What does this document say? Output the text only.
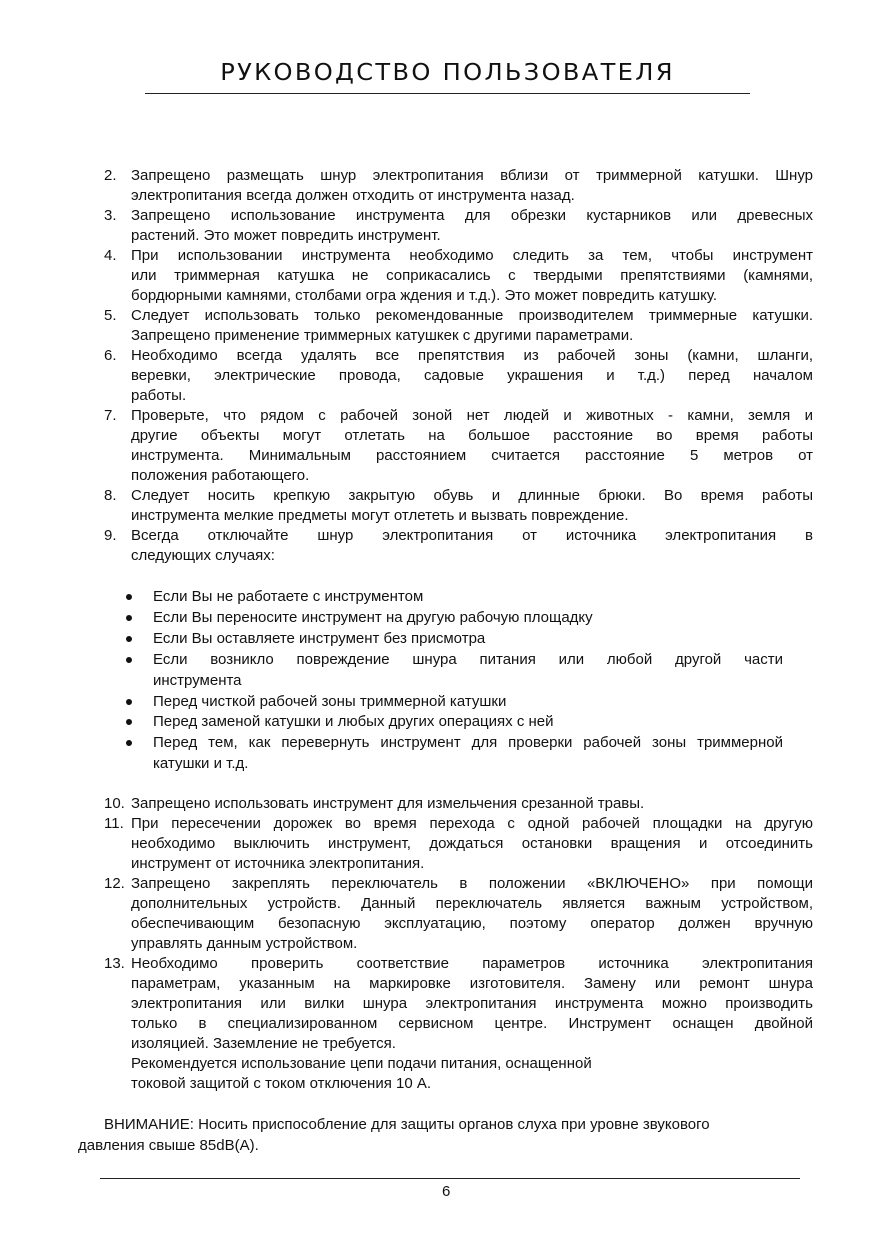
РУКОВОДСТВО ПОЛЬЗОВАТЕЛЯ
2. Запрещено размещать шнур электропитания вблизи от триммерной катушки. Шнур
электропитания всегда должен отходить от инструмента назад.
3. Запрещено использование инструмента для обрезки кустарников или древесных
растений. Это может повредить инструмент.
4. При использовании инструмента необходимо следить за тем, чтобы инструмент
или триммерная катушка не соприкасались с твердыми препятствиями (камнями,
бордюрными камнями, столбами огра ждения и т.д.). Это может повредить катушку.
5. Следует использовать только рекомендованные производителем триммерные катушки.
Запрещено применение триммерных катушкек с другими параметрами.
6. Необходимо всегда удалять все препятствия из рабочей зоны (камни, шланги,
веревки, электрические провода, садовые украшения и т.д.) перед началом
работы.
7. Проверьте, что рядом с рабочей зоной нет людей и животных - камни, земля и
другие объекты могут отлетать на большое расстояние во время работы
инструмента. Минимальным расстоянием считается расстояние 5 метров от
положения работающего.
8. Следует носить крепкую закрытую обувь и длинные брюки. Во время работы
инструмента мелкие предметы могут отлететь и вызвать повреждение.
9. Всегда отключайте шнур электропитания от источника электропитания в
следующих случаях:
Если Вы не работаете с инструментом
Если Вы переносите инструмент на другую рабочую площадку
Если Вы оставляете инструмент без присмотра
Если возникло повреждение шнура питания или любой другой части
инструмента
Перед чисткой рабочей зоны триммерной катушки
Перед заменой катушки и любых других операциях с ней
Перед тем, как перевернуть инструмент для проверки рабочей зоны триммерной
катушки и т.д.
10. Запрещено использовать инструмент для измельчения срезанной травы.
11. При пересечении дорожек во время перехода с одной рабочей площадки на другую
необходимо выключить инструмент, дождаться остановки вращения и отсоединить
инструмент от источника электропитания.
12. Запрещено закреплять переключатель в положении «ВКЛЮЧЕНО» при помощи
дополнительных устройств. Данный переключатель является важным устройством,
обеспечивающим безопасную эксплуатацию, поэтому оператор должен вручную
управлять данным устройством.
13. Необходимо проверить соответствие параметров источника электропитания
параметрам, указанным на маркировке изготовителя. Замену или ремонт шнура
электропитания или вилки шнура электропитания инструмента можно производить
только в специализированном сервисном центре. Инструмент оснащен двойной
изоляцией. Заземление не требуется.
Рекомендуется использование цепи подачи питания, оснащенной
токовой защитой с током отключения 10 А.
ВНИМАНИЕ: Носить приспособление для защиты органов слуха при уровне звукового
давления свыше 85dB(A).
6
